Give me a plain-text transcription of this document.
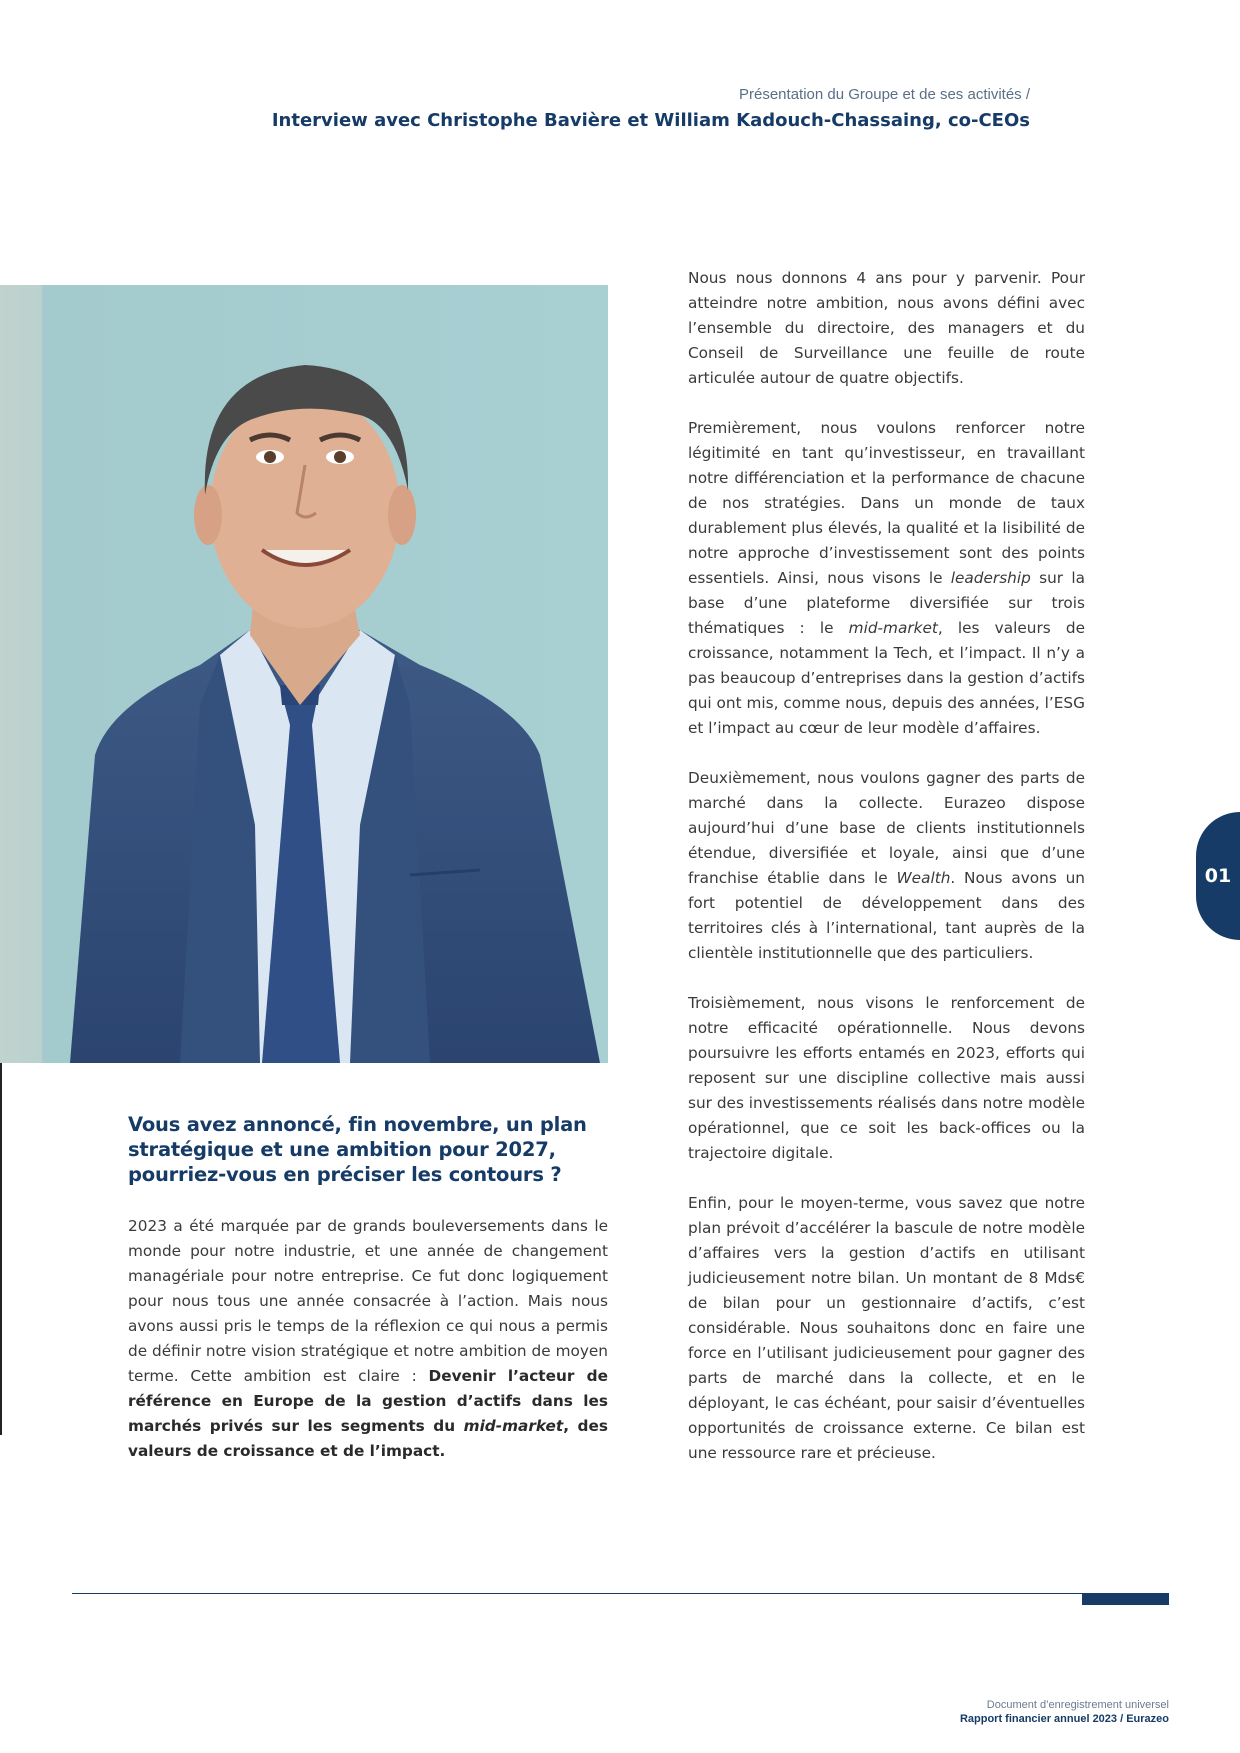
Présentation du Groupe et de ses activités /
Interview avec Christophe Bavière et William Kadouch-Chassaing, co-CEOs
Vous avez annoncé, fin novembre, un plan stratégique et une ambition pour 2027, pourriez-vous en préciser les contours ?
2023 a été marquée par de grands bouleversements dans le monde pour notre industrie, et une année de changement managériale pour notre entreprise. Ce fut donc logiquement pour nous tous une année consacrée à l’action. Mais nous avons aussi pris le temps de la réflexion ce qui nous a permis de définir notre vision stratégique et notre ambition de moyen terme. Cette ambition est claire : Devenir l’acteur de référence en Europe de la gestion d’actifs dans les marchés privés sur les segments du mid-market, des valeurs de croissance et de l’impact.

Nous nous donnons 4 ans pour y parvenir. Pour atteindre notre ambition, nous avons défini avec l’ensemble du directoire, des managers et du Conseil de Surveillance une feuille de route articulée autour de quatre objectifs.

Premièrement, nous voulons renforcer notre légitimité en tant qu’investisseur, en travaillant notre différenciation et la performance de chacune de nos stratégies. Dans un monde de taux durablement plus élevés, la qualité et la lisibilité de notre approche d’investissement sont des points essentiels. Ainsi, nous visons le leadership sur la base d’une plateforme diversifiée sur trois thématiques : le mid-market, les valeurs de croissance, notamment la Tech, et l’impact. Il n’y a pas beaucoup d’entreprises dans la gestion d’actifs qui ont mis, comme nous, depuis des années, l’ESG et l’impact au cœur de leur modèle d’affaires.

Deuxièmement, nous voulons gagner des parts de marché dans la collecte. Eurazeo dispose aujourd’hui d’une base de clients institutionnels étendue, diversifiée et loyale, ainsi que d’une franchise établie dans le Wealth. Nous avons un fort potentiel de développement dans des territoires clés à l’international, tant auprès de la clientèle institutionnelle que des particuliers.

Troisièmement, nous visons le renforcement de notre efficacité opérationnelle. Nous devons poursuivre les efforts entamés en 2023, efforts qui reposent sur une discipline collective mais aussi sur des investissements réalisés dans notre modèle opérationnel, que ce soit les back-offices ou la trajectoire digitale.

Enfin, pour le moyen-terme, vous savez que notre plan prévoit d’accélérer la bascule de notre modèle d’affaires vers la gestion d’actifs en utilisant judicieusement notre bilan. Un montant de 8 Mds€ de bilan pour un gestionnaire d’actifs, c’est considérable. Nous souhaitons donc en faire une force en l’utilisant judicieusement pour gagner des parts de marché dans la collecte, et en le déployant, le cas échéant, pour saisir d’éventuelles opportunités de croissance externe. Ce bilan est une ressource rare et précieuse.

01
Document d’enregistrement universel
Rapport financier annuel 2023 / Eurazeo
